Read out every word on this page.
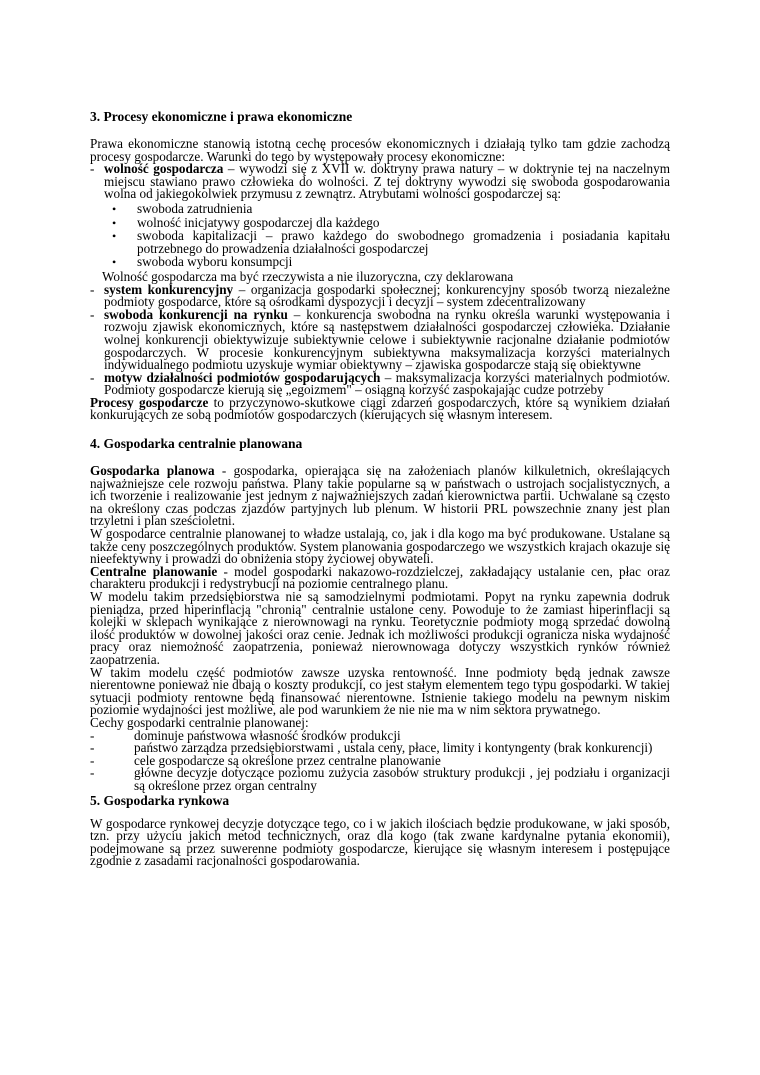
3. Procesy ekonomiczne i prawa ekonomiczne

Prawa ekonomiczne stanowią istotną cechę procesów ekonomicznych i działają tylko tam gdzie zachodzą procesy gospodarcze. Warunki do tego by występowały procesy ekonomiczne:

- wolność gospodarcza – wywodzi się z XVII w. doktryny prawa natury – w doktrynie tej na naczelnym miejscu stawiano prawo człowieka do wolności. Z tej doktryny wywodzi się swoboda gospodarowania wolna od jakiegokolwiek przymusu z zewnątrz. Atrybutami wolności gospodarczej są:
•	swoboda zatrudnienia
•	wolność inicjatywy gospodarczej dla każdego
•	swoboda kapitalizacji – prawo każdego do swobodnego gromadzenia i posiadania kapitału potrzebnego do prowadzenia działalności gospodarczej
•	swoboda wyboru konsumpcji

Wolność gospodarcza ma być rzeczywista a nie iluzoryczna, czy deklarowana

- system konkurencyjny – organizacja gospodarki społecznej; konkurencyjny sposób tworzą niezależne podmioty gospodarce, które są ośrodkami dyspozycji i decyzji – system zdecentralizowany
- swoboda konkurencji na rynku – konkurencja swobodna na rynku określa warunki występowania i rozwoju zjawisk ekonomicznych, które są następstwem działalności gospodarczej człowieka. Działanie wolnej konkurencji obiektywizuje subiektywnie celowe i subiektywnie racjonalne działanie podmiotów gospodarczych. W procesie konkurencyjnym subiektywna maksymalizacja korzyści materialnych indywidualnego podmiotu uzyskuje wymiar obiektywny – zjawiska gospodarcze stają się obiektywne
- motyw działalności podmiotów gospodarujących – maksymalizacja korzyści materialnych podmiotów. Podmioty gospodarcze kierują się „egoizmem" – osiągną korzyść zaspokajając cudze potrzeby

Procesy gospodarcze to przyczynowo-skutkowe ciągi zdarzeń gospodarczych, które są wynikiem działań konkurujących ze sobą podmiotów gospodarczych (kierujących się własnym interesem.

4. Gospodarka centralnie planowana

Gospodarka planowa - gospodarka, opierająca się na założeniach planów kilkuletnich, określających najważniejsze cele rozwoju państwa. Plany takie popularne są w państwach o ustrojach socjalistycznych, a ich tworzenie i realizowanie jest jednym z najważniejszych zadań kierownictwa partii. Uchwalane są często na określony czas podczas zjazdów partyjnych lub plenum. W historii PRL powszechnie znany jest plan trzyletni i plan sześcioletni.

W gospodarce centralnie planowanej to władze ustalają, co, jak i dla kogo ma być produkowane. Ustalane są także ceny poszczególnych produktów. System planowania gospodarczego we wszystkich krajach okazuje się nieefektywny i prowadzi do obniżenia stopy życiowej obywateli.

Centralne planowanie - model gospodarki nakazowo-rozdzielczej, zakładający ustalanie cen, płac oraz charakteru produkcji i redystrybucji na poziomie centralnego planu.

W modelu takim przedsiębiorstwa nie są samodzielnymi podmiotami. Popyt na rynku zapewnia dodruk pieniądza, przed hiperinflacją "chronią" centralnie ustalone ceny. Powoduje to że zamiast hiperinflacji są kolejki w sklepach wynikające z nierownowagi na rynku. Teoretycznie podmioty mogą sprzedać dowolną ilość produktów w dowolnej jakości oraz cenie. Jednak ich możliwości produkcji ogranicza niska wydajność pracy oraz niemożność zaopatrzenia, ponieważ nierownowaga dotyczy wszystkich rynków również zaopatrzenia.

W takim modelu część podmiotów zawsze uzyska rentowność. Inne podmioty będą jednak zawsze nierentowne ponieważ nie dbają o koszty produkcji, co jest stałym elementem tego typu gospodarki. W takiej sytuacji podmioty rentowne będą finansować nierentowne. Istnienie takiego modelu na pewnym niskim poziomie wydajności jest możliwe, ale pod warunkiem że nie nie ma w nim sektora prywatnego.

Cechy gospodarki centralnie planowanej:

-	dominuje państwowa własność środków produkcji
-	państwo zarządza przedsiębiorstwami , ustala ceny, płace, limity i kontyngenty (brak konkurencji)
-	cele gospodarcze są określone przez centralne planowanie
-	główne decyzje dotyczące poziomu zużycia zasobów struktury produkcji , jej podziału i organizacji są określone przez organ centralny
5. Gospodarka rynkowa

W gospodarce rynkowej decyzje dotyczące tego, co i w jakich ilościach będzie produkowane, w jaki sposób, tzn. przy użyciu jakich metod technicznych, oraz dla kogo (tak zwane kardynalne pytania ekonomii), podejmowane są przez suwerenne podmioty gospodarcze, kierujące się własnym interesem i postępujące zgodnie z zasadami racjonalności gospodarowania.
